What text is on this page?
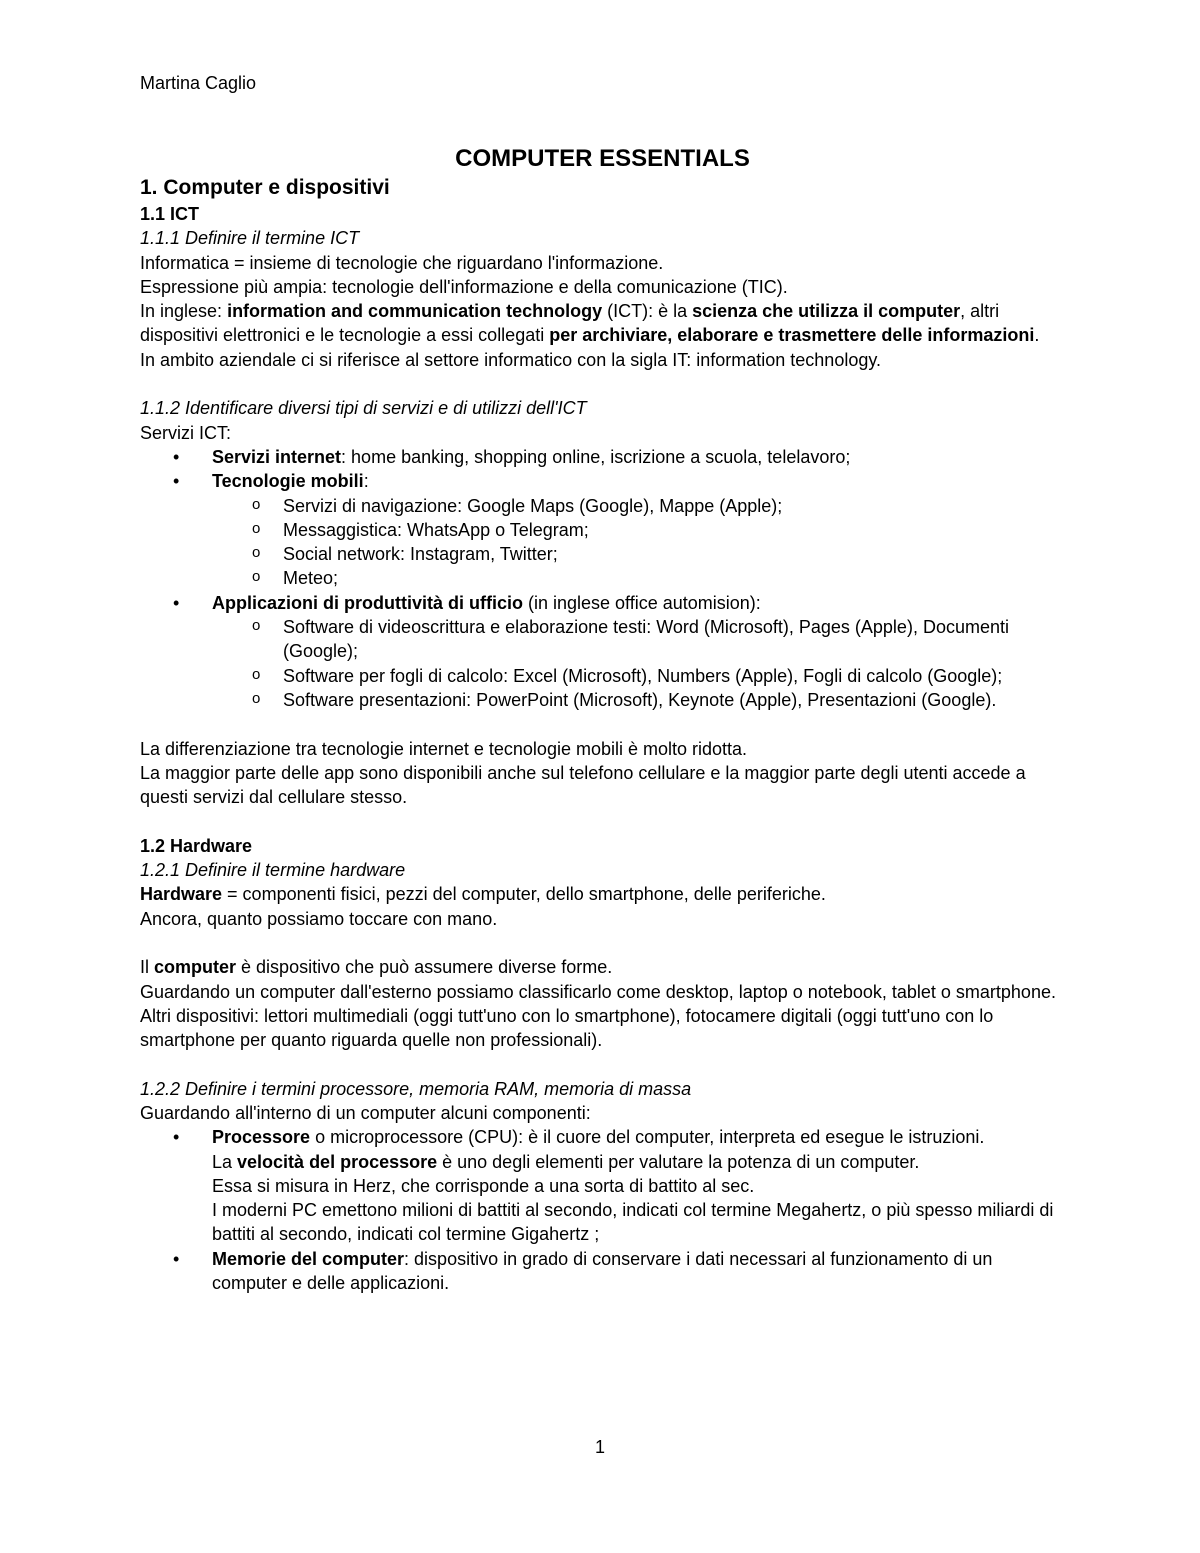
Martina Caglio

COMPUTER ESSENTIALS

1. Computer e dispositivi

1.1 ICT

1.1.1 Definire il termine ICT

Informatica = insieme di tecnologie che riguardano l'informazione.

Espressione più ampia: tecnologie dell'informazione e della comunicazione (TIC).

In inglese: information and communication technology (ICT): è la scienza che utilizza il computer, altri dispositivi elettronici e le tecnologie a essi collegati per archiviare, elaborare e trasmettere delle informazioni.

In ambito aziendale ci si riferisce al settore informatico con la sigla IT: information technology.

1.1.2 Identificare diversi tipi di servizi e di utilizzi dell'ICT

Servizi ICT:

• Servizi internet: home banking, shopping online, iscrizione a scuola, telelavoro;
• Tecnologie mobili:
o Servizi di navigazione: Google Maps (Google), Mappe (Apple);
o Messaggistica: WhatsApp o Telegram;
o Social network: Instagram, Twitter;
o Meteo;
• Applicazioni di produttività di ufficio (in inglese office automision):
o Software di videoscrittura e elaborazione testi: Word (Microsoft), Pages (Apple), Documenti (Google);
o Software per fogli di calcolo: Excel (Microsoft), Numbers (Apple), Fogli di calcolo (Google);
o Software presentazioni: PowerPoint (Microsoft), Keynote (Apple), Presentazioni (Google).

La differenziazione tra tecnologie internet e tecnologie mobili è molto ridotta.

La maggior parte delle app sono disponibili anche sul telefono cellulare e la maggior parte degli utenti accede a questi servizi dal cellulare stesso.

1.2 Hardware

1.2.1 Definire il termine hardware

Hardware = componenti fisici, pezzi del computer, dello smartphone, delle periferiche.

Ancora, quanto possiamo toccare con mano.

Il computer è dispositivo che può assumere diverse forme.

Guardando un computer dall'esterno possiamo classificarlo come desktop, laptop o notebook, tablet o smartphone.

Altri dispositivi: lettori multimediali (oggi tutt'uno con lo smartphone), fotocamere digitali (oggi tutt'uno con lo smartphone per quanto riguarda quelle non professionali).

1.2.2 Definire i termini processore, memoria RAM, memoria di massa

Guardando all'interno di un computer alcuni componenti:

• Processore o microprocessore (CPU): è il cuore del computer, interpreta ed esegue le istruzioni.
La velocità del processore è uno degli elementi per valutare la potenza di un computer.
Essa si misura in Herz, che corrisponde a una sorta di battito al sec.
I moderni PC emettono milioni di battiti al secondo, indicati col termine Megahertz, o più spesso miliardi di battiti al secondo, indicati col termine Gigahertz ;
• Memorie del computer: dispositivo in grado di conservare i dati necessari al funzionamento di un computer e delle applicazioni.
1
